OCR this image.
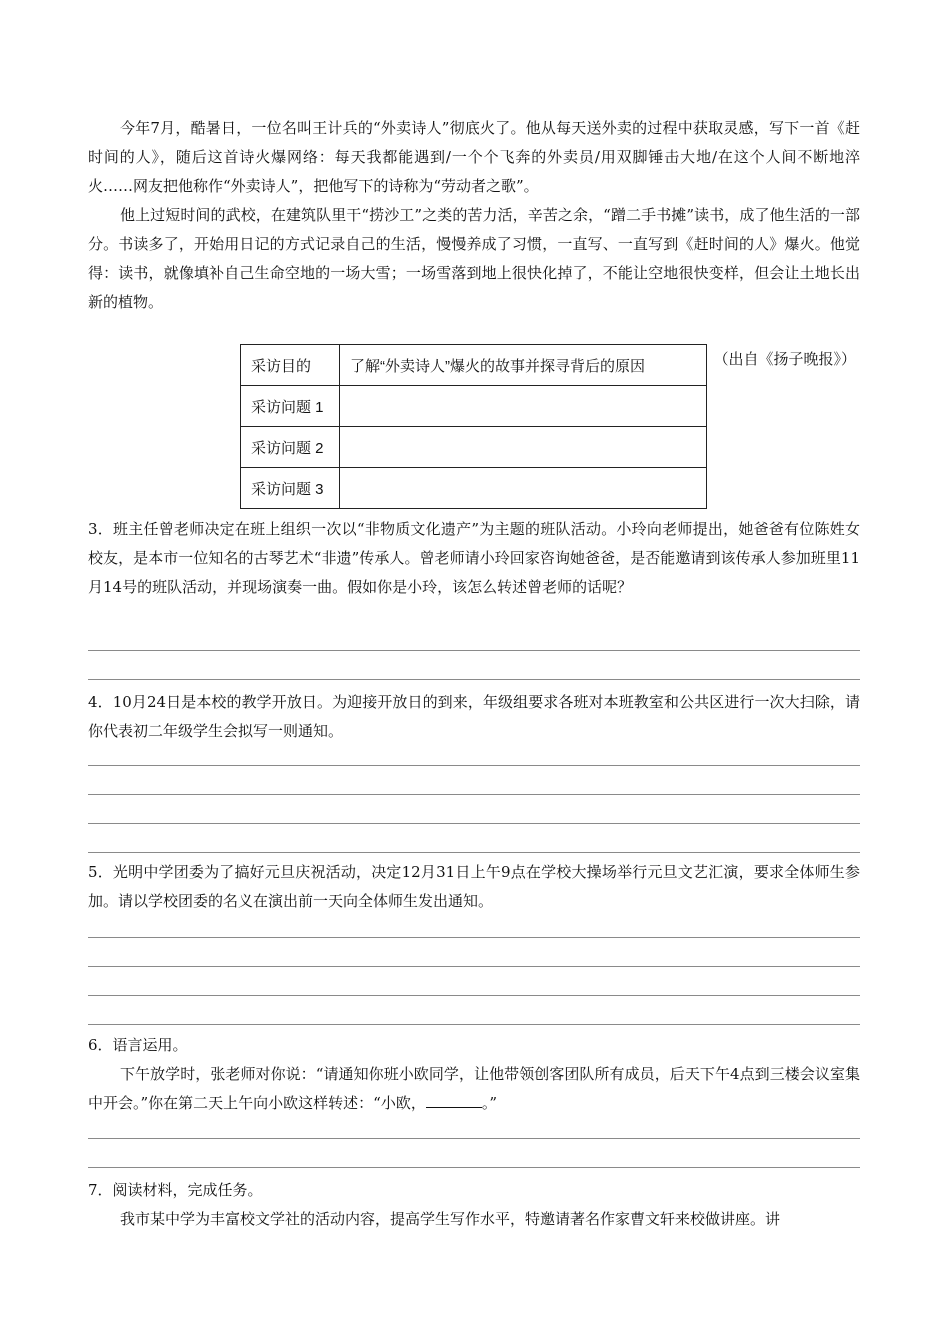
今年7月，酷暑日，一位名叫王计兵的“外卖诗人”彻底火了。他从每天送外卖的过程中获取灵感，写下一首《赶时间的人》，随后这首诗火爆网络：每天我都能遇到/一个个飞奔的外卖员/用双脚锤击大地/在这个人间不断地淬火……网友把他称作“外卖诗人”，把他写下的诗称为“劳动者之歌”。

他上过短时间的武校，在建筑队里干“捞沙工”之类的苦力活，辛苦之余，“蹭二手书摊”读书，成了他生活的一部分。书读多了，开始用日记的方式记录自己的生活，慢慢养成了习惯，一直写、一直写到《赶时间的人》爆火。他觉得：读书，就像填补自己生命空地的一场大雪；一场雪落到地上很快化掉了，不能让空地很快变样，但会让土地长出新的植物。

（出自《扬子晚报》）
采访目的	了解“外卖诗人”爆火的故事并探寻背后的原因
采访问题 1	
采访问题 2	
采访问题 3	

3．班主任曾老师决定在班上组织一次以“非物质文化遗产”为主题的班队活动。小玲向老师提出，她爸爸有位陈姓女校友，是本市一位知名的古琴艺术“非遗”传承人。曾老师请小玲回家咨询她爸爸，是否能邀请到该传承人参加班里11月14号的班队活动，并现场演奏一曲。假如你是小玲，该怎么转述曾老师的话呢？

4．10月24日是本校的教学开放日。为迎接开放日的到来，年级组要求各班对本班教室和公共区进行一次大扫除，请你代表初二年级学生会拟写一则通知。

5．光明中学团委为了搞好元旦庆祝活动，决定12月31日上午9点在学校大操场举行元旦文艺汇演，要求全体师生参加。请以学校团委的名义在演出前一天向全体师生发出通知。

6．语言运用。

下午放学时，张老师对你说：“请通知你班小欧同学，让他带领创客团队所有成员，后天下午4点到三楼会议室集中开会。”你在第二天上午向小欧这样转述：“小欧，	。”

7．阅读材料，完成任务。

我市某中学为丰富校文学社的活动内容，提高学生写作水平，特邀请著名作家曹文轩来校做讲座。讲
